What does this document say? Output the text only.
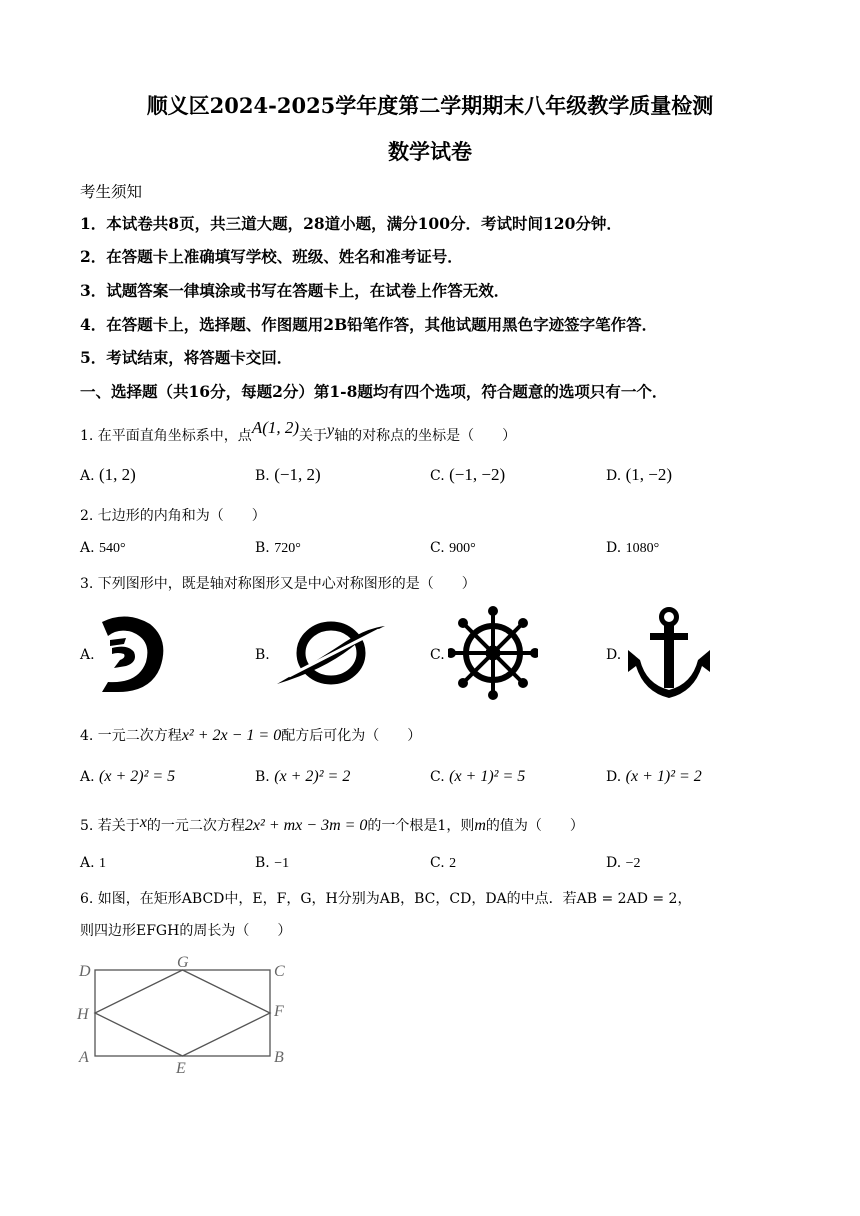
顺义区2024-2025学年度第二学期期末八年级教学质量检测
数学试卷
考生须知
1．本试卷共8页，共三道大题，28道小题，满分100分．考试时间120分钟．
2．在答题卡上准确填写学校、班级、姓名和准考证号．
3．试题答案一律填涂或书写在答题卡上，在试卷上作答无效．
4．在答题卡上，选择题、作图题用2B铅笔作答，其他试题用黑色字迹签字笔作答．
5．考试结束，将答题卡交回．
一、选择题（共16分，每题2分）第1-8题均有四个选项，符合题意的选项只有一个．
1. 在平面直角坐标系中，点A(1, 2)关于y轴的对称点的坐标是（　　）
A. (1, 2)	B. (−1, 2)	C. (−1, −2)	D. (1, −2)
2. 七边形的内角和为（　　）
A. 540°	B. 720°	C. 900°	D. 1080°
3. 下列图形中，既是轴对称图形又是中心对称图形的是（　　）
A.	B.	C.	D.
4. 一元二次方程x² + 2x − 1 = 0配方后可化为（　　）
A. (x + 2)² = 5	B. (x + 2)² = 2	C. (x + 1)² = 5	D. (x + 1)² = 2
5. 若关于x的一元二次方程2x² + mx − 3m = 0的一个根是1，则m的值为（　　）
A. 1	B. −1	C. 2	D. −2
6. 如图，在矩形ABCD中，E，F，G，H分别为AB，BC，CD，DA的中点．若AB = 2AD = 2，
则四边形EFGH的周长为（　　）
D
G
C
H	F
A
E
B
